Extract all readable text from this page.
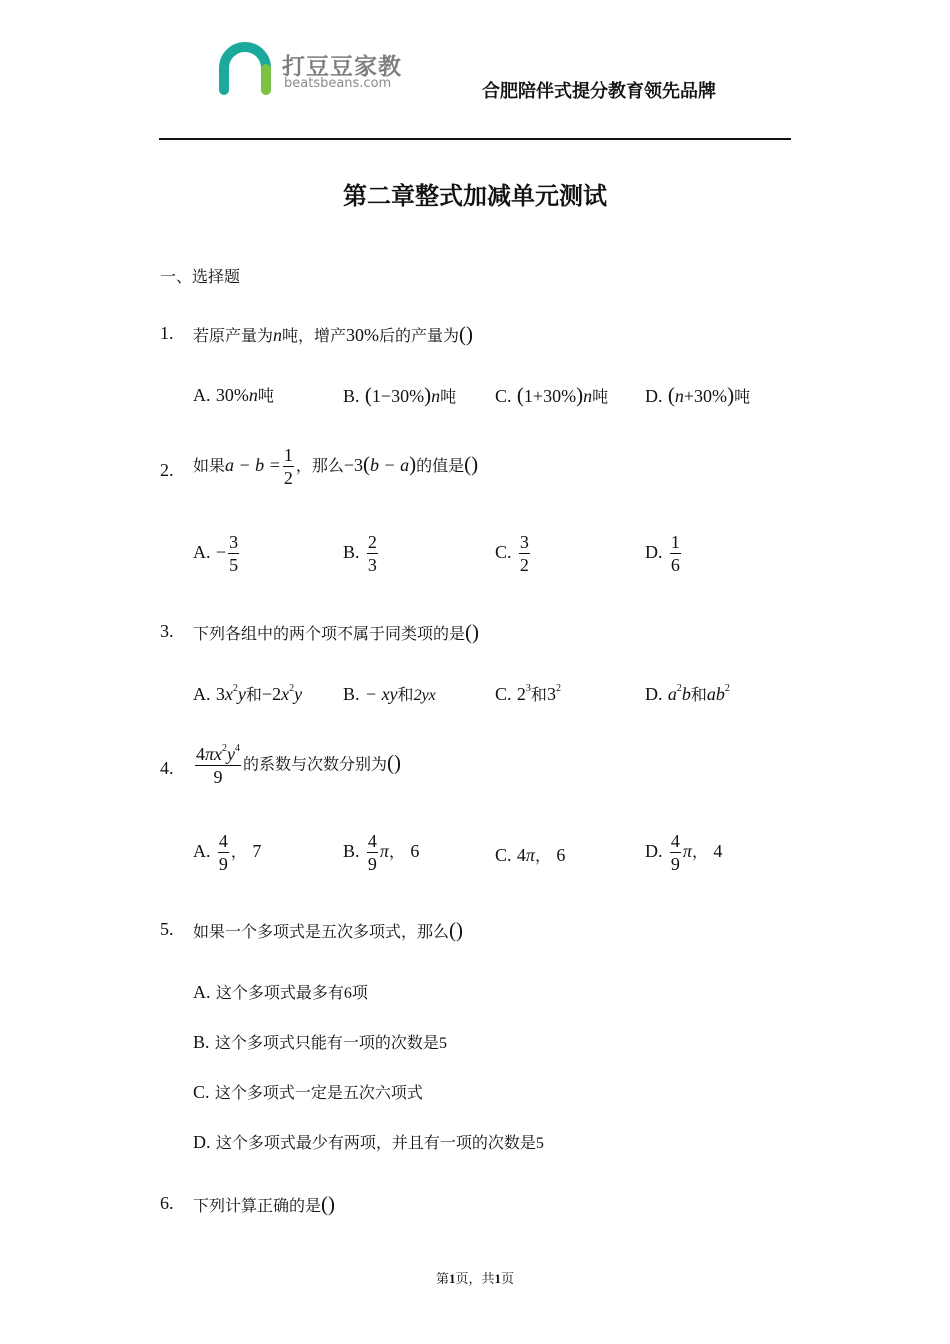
打豆豆家教
beatsbeans.com	合肥陪伴式提分教育领先品牌
第二章整式加减单元测试
一、选择题
1. 若原产量为n吨，增产30%后的产量为()
A. 30%n吨	B. (1−30%)n吨 C. (1+30%)n吨 D. (n+30%)吨
2. 如果$a - b = \frac{1}{2}$ ，那么−3(b − a)的值是()
A. − $\frac{3}{5}$	B. $\frac{2}{3}$	C. $\frac{3}{2}$	D. $\frac{1}{6}$
3. 下列各组中的两个项不属于同类项的是()
A. $3x^2y$和$-2x^2y$ B. − xy和2yx	C. $2^3$和$3^2$	D. $a^2b$和$ab^2$
4. $\frac{4\pi x^2y^4}{9}$ 的系数与次数分别为()
A. $\frac{4}{9}$ ， 7	B. $\frac{4}{9}$ π， 6	C. 4π， 6	D. $\frac{4}{9}$ π， 4
5. 如果一个多项式是五次多项式，那么()
A. 这个多项式最多有6项
B. 这个多项式只能有一项的次数是5
C. 这个多项式一定是五次六项式
D. 这个多项式最少有两项，并且有一项的次数是5
6. 下列计算正确的是()
第1页，共1页
